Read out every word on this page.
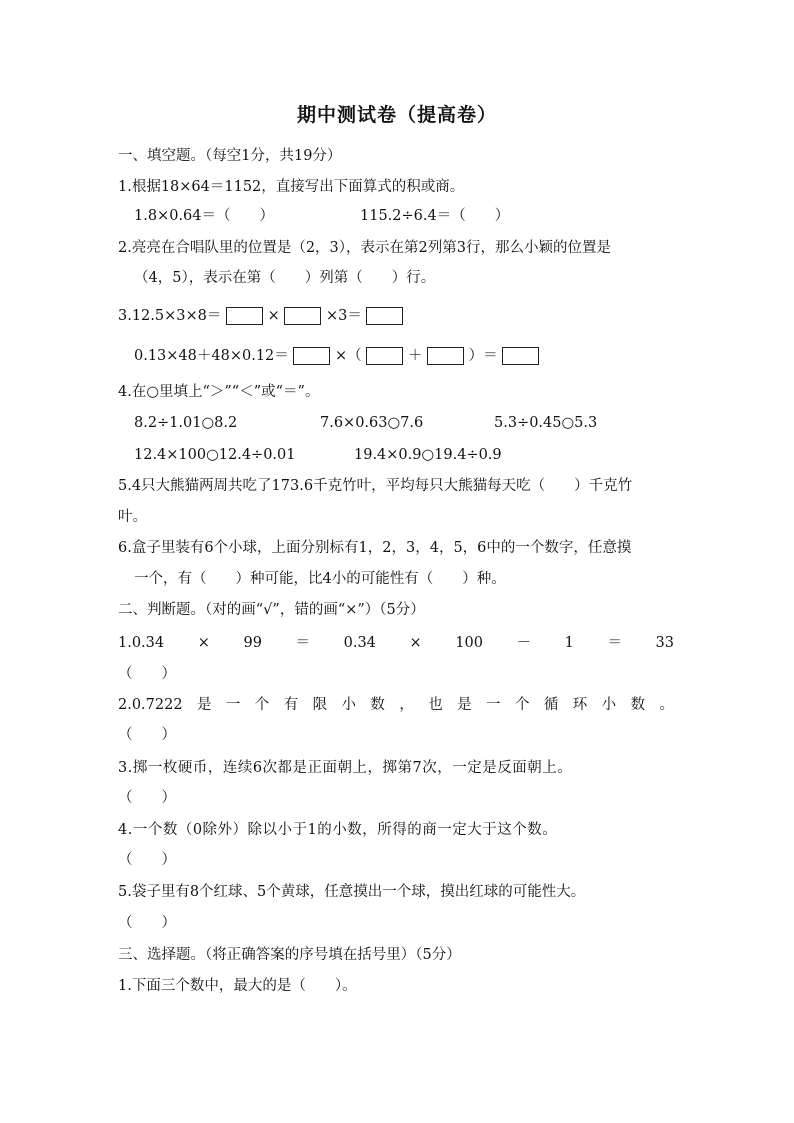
期中测试卷（提高卷）
一、填空题。（每空1分，共19分）
1.根据18×64＝1152，直接写出下面算式的积或商。
1.8×0.64＝（　　）	115.2÷6.4＝（　　）
2.亮亮在合唱队里的位置是（2，3），表示在第2列第3行，那么小颖的位置是
（4，5），表示在第（　　）列第（　　）行。
3.12.5×3×8＝	×	×3＝
0.13×48＋48×0.12＝	×（	＋	）＝
4.在○里填上“＞”“＜”或“＝”。
8.2÷1.01○8.2	7.6×0.63○7.6	5.3÷0.45○5.3
12.4×100○12.4÷0.01	19.4×0.9○19.4÷0.9
5.4只大熊猫两周共吃了173.6千克竹叶，平均每只大熊猫每天吃（　　）千克竹
叶。
6.盒子里装有6个小球，上面分别标有1，2，3，4，5，6中的一个数字，任意摸
一个，有（　　）种可能，比4小的可能性有（　　）种。
二、判断题。（对的画“√”，错的画“×”）（5分）
1.0.34 × 99 ＝ 0.34 × 100 － 1 ＝ 33
（　　）
2.0.7222 是 一 个 有 限 小 数 ， 也 是 一 个 循 环 小 数 。
（　　）
3.掷一枚硬币，连续6次都是正面朝上，掷第7次，一定是反面朝上。
（　　）
4.一个数（0除外）除以小于1的小数，所得的商一定大于这个数。
（　　）
5.袋子里有8个红球、5个黄球，任意摸出一个球，摸出红球的可能性大。
（　　）
三、选择题。（将正确答案的序号填在括号里）（5分）
1.下面三个数中，最大的是（　　）。
